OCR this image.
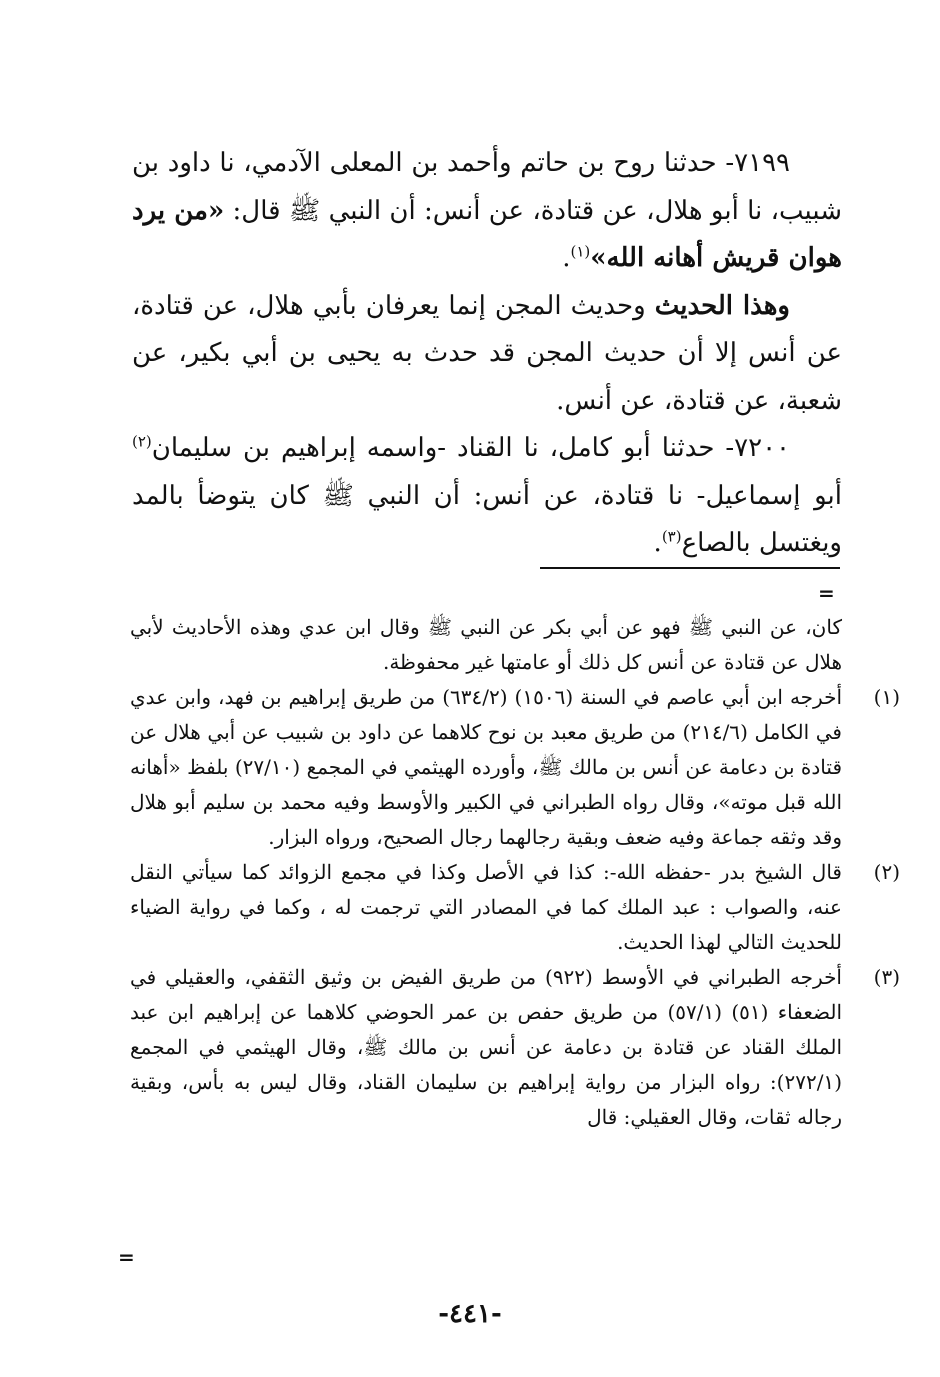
٧١٩٩- حدثنا روح بن حاتم وأحمد بن المعلى الآدمي، نا داود بن شبيب، نا أبو هلال، عن قتادة، عن أنس: أن النبي ﷺ قال: «من يرد هوان قريش أهانه الله»$^{(١)}$.

وهذا الحديث وحديث المجن إنما يعرفان بأبي هلال، عن قتادة، عن أنس إلا أن حديث المجن قد حدث به يحيى بن أبي بكير، عن شعبة، عن قتادة، عن أنس.

٧٢٠٠- حدثنا أبو كامل، نا القناد -واسمه إبراهيم بن سليمان$^{(٢)}$ أبو إسماعيل- نا قتادة، عن أنس: أن النبي ﷺ كان يتوضأ بالمد ويغتسل بالصاع$^{(٣)}$.

=

كان، عن النبي ﷺ فهو عن أبي بكر عن النبي ﷺ وقال ابن عدي وهذه الأحاديث لأبي هلال عن قتادة عن أنس كل ذلك أو عامتها غير محفوظة.

(١)
أخرجه ابن أبي عاصم في السنة (١٥٠٦) (٦٣٤/٢) من طريق إبراهيم بن فهد، وابن عدي في الكامل (٢١٤/٦) من طريق معبد بن نوح كلاهما عن داود بن شبيب عن أبي هلال عن قتادة بن دعامة عن أنس بن مالك ﷺ، وأورده الهيثمي في المجمع (٢٧/١٠) بلفظ «أهانه الله قبل موته»، وقال رواه الطبراني في الكبير والأوسط وفيه محمد بن سليم أبو هلال وقد وثقه جماعة وفيه ضعف وبقية رجالهما رجال الصحيح، ورواه البزار.

(٢)
قال الشيخ بدر -حفظه الله-: كذا في الأصل وكذا في مجمع الزوائد كما سيأتي النقل عنه، والصواب : عبد الملك كما في المصادر التي ترجمت له ، وكما في رواية الضياء للحديث التالي لهذا الحديث.

(٣)
أخرجه الطبراني في الأوسط (٩٢٢) من طريق الفيض بن وثيق الثقفي، والعقيلي في الضعفاء (٥١) (٥٧/١) من طريق حفص بن عمر الحوضي كلاهما عن إبراهيم ابن عبد الملك القناد عن قتادة بن دعامة عن أنس بن مالك ﷺ، وقال الهيثمي في المجمع (٢٧٢/١): رواه البزار من رواية إبراهيم بن سليمان القناد، وقال ليس به بأس، وبقية رجاله ثقات، وقال العقيلي: قال

=
-٤٤١-
